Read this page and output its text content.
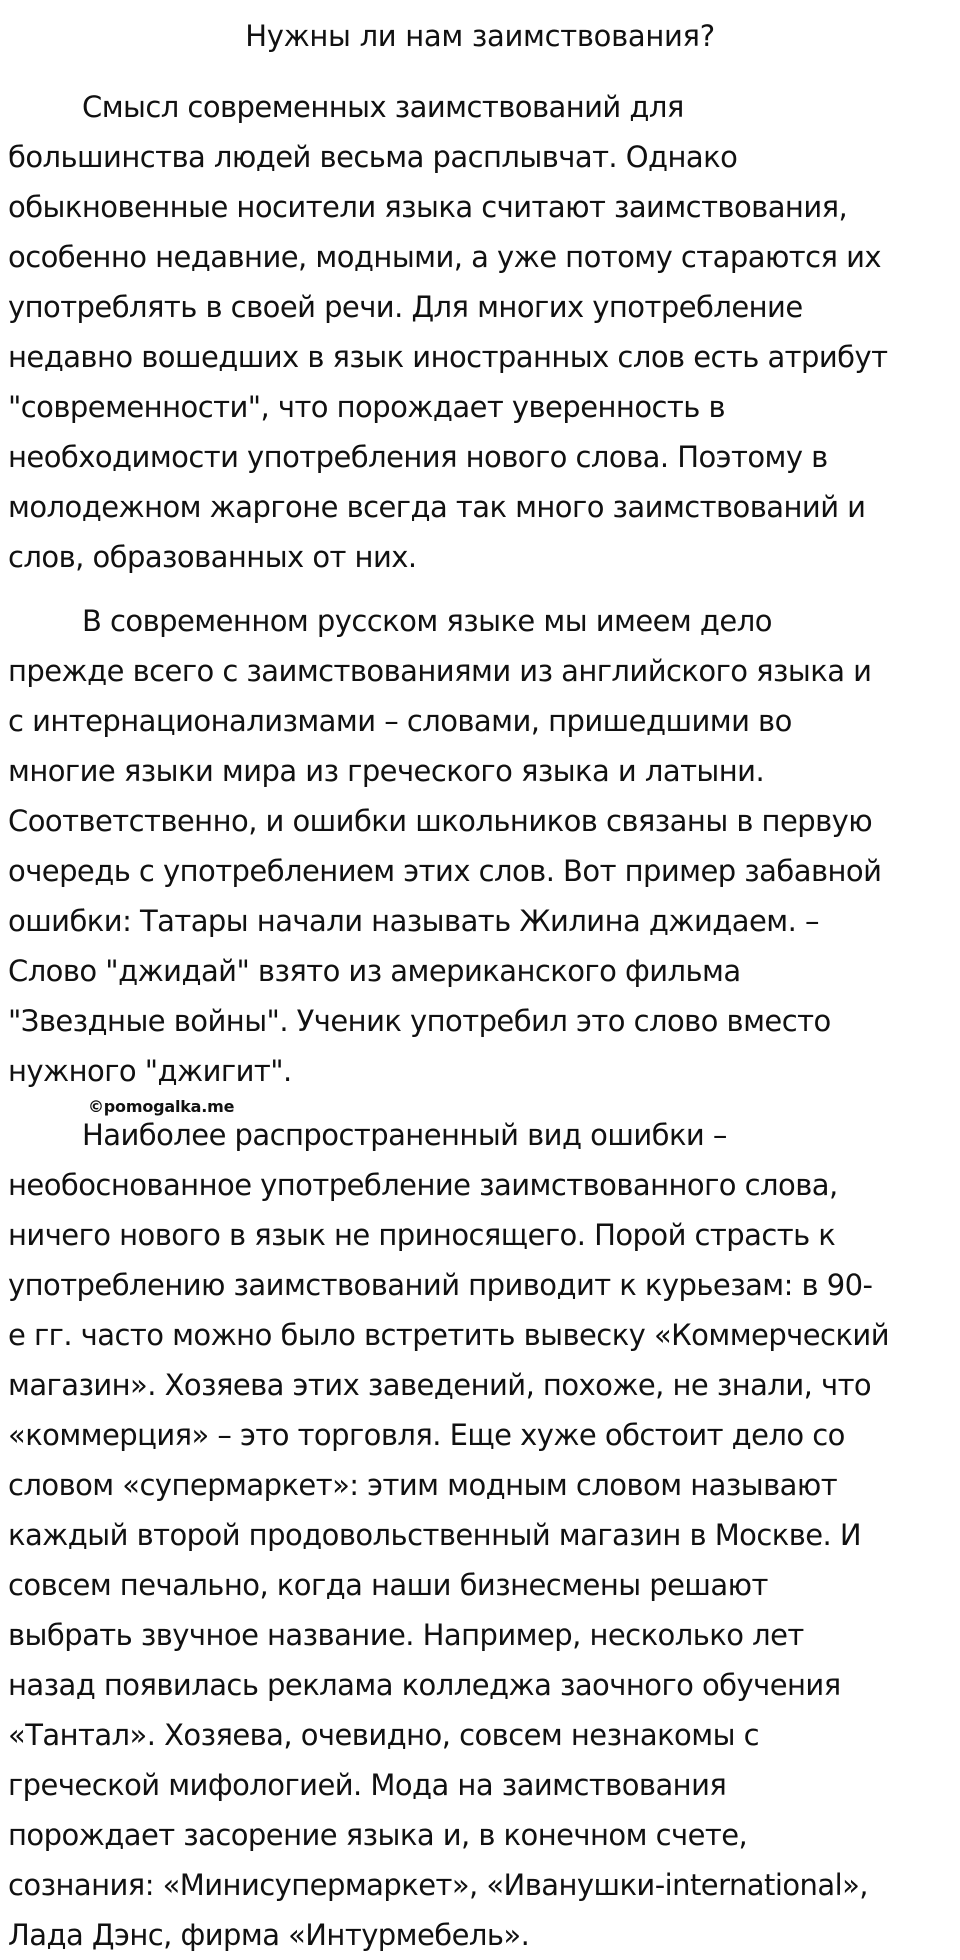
Нужны ли нам заимствования?

Смысл современных заимствований для
большинства людей весьма расплывчат. Однако
обыкновенные носители языка считают заимствования,
особенно недавние, модными, а уже потому стараются их
употреблять в своей речи. Для многих употребление
недавно вошедших в язык иностранных слов есть атрибут
"современности", что порождает уверенность в
необходимости употребления нового слова. Поэтому в
молодежном жаргоне всегда так много заимствований и
слов, образованных от них.

В современном русском языке мы имеем дело
прежде всего с заимствованиями из английского языка и
с интернационализмами – словами, пришедшими во
многие языки мира из греческого языка и латыни.
Соответственно, и ошибки школьников связаны в первую
очередь с употреблением этих слов. Вот пример забавной
ошибки: Татары начали называть Жилина джидаем. –
Слово "джидай" взято из американского фильма
"Звездные войны". Ученик употребил это слово вместо
нужного "джигит".

©pomogalka.me

Наиболее распространенный вид ошибки –
необоснованное употребление заимствованного слова,
ничего нового в язык не приносящего. Порой страсть к
употреблению заимствований приводит к курьезам: в 90-
е гг. часто можно было встретить вывеску «Коммерческий
магазин». Хозяева этих заведений, похоже, не знали, что
«коммерция» – это торговля. Еще хуже обстоит дело со
словом «супермаркет»: этим модным словом называют
каждый второй продовольственный магазин в Москве. И
совсем печально, когда наши бизнесмены решают
выбрать звучное название. Например, несколько лет
назад появилась реклама колледжа заочного обучения
«Тантал». Хозяева, очевидно, совсем незнакомы с
греческой мифологией. Мода на заимствования
порождает засорение языка и, в конечном счете,
сознания: «Минисупермаркет», «Иванушки-international»,
Лада Дэнс, фирма «Интурмебель».
